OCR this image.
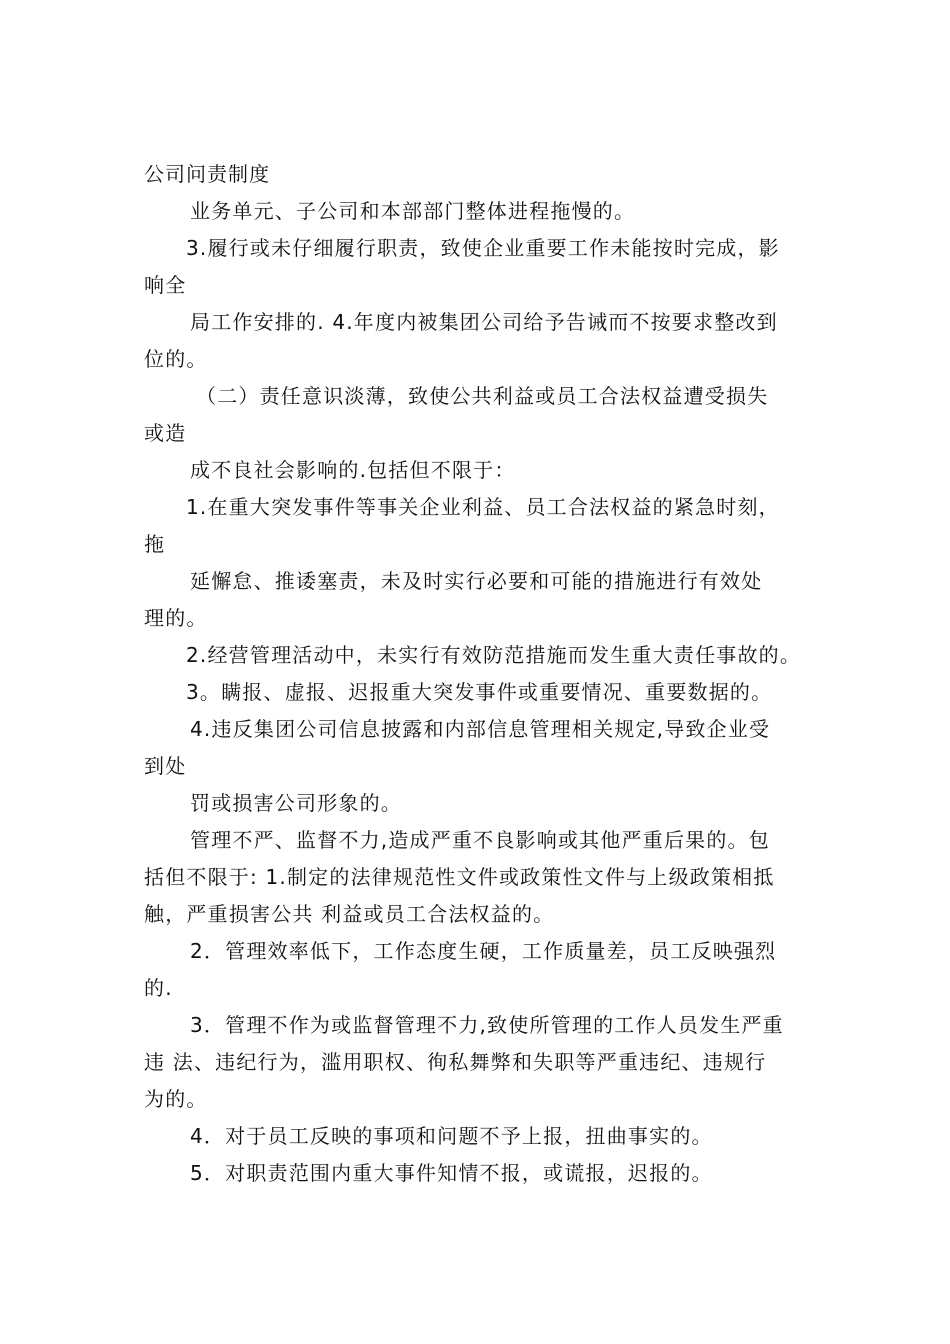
公司问责制度
业务单元、子公司和本部部门整体进程拖慢的。
3.履行或未仔细履行职责，致使企业重要工作未能按时完成，影
响全
局工作安排的. 4.年度内被集团公司给予告诫而不按要求整改到
位的。
（二）责任意识淡薄，致使公共利益或员工合法权益遭受损失
或造
成不良社会影响的.包括但不限于：
1.在重大突发事件等事关企业利益、员工合法权益的紧急时刻，
拖
延懈怠、推诿塞责，未及时实行必要和可能的措施进行有效处
理的。
2.经营管理活动中，未实行有效防范措施而发生重大责任事故的。
3。瞒报、虚报、迟报重大突发事件或重要情况、重要数据的。
4.违反集团公司信息披露和内部信息管理相关规定,导致企业受
到处
罚或损害公司形象的。
管理不严、监督不力,造成严重不良影响或其他严重后果的。包
括但不限于: 1.制定的法律规范性文件或政策性文件与上级政策相抵
触，严重损害公共 利益或员工合法权益的。
2．管理效率低下，工作态度生硬，工作质量差，员工反映强烈
的.
3．管理不作为或监督管理不力,致使所管理的工作人员发生严重
违 法、违纪行为，滥用职权、徇私舞弊和失职等严重违纪、违规行
为的。
4．对于员工反映的事项和问题不予上报，扭曲事实的。
5．对职责范围内重大事件知情不报，或谎报，迟报的。
